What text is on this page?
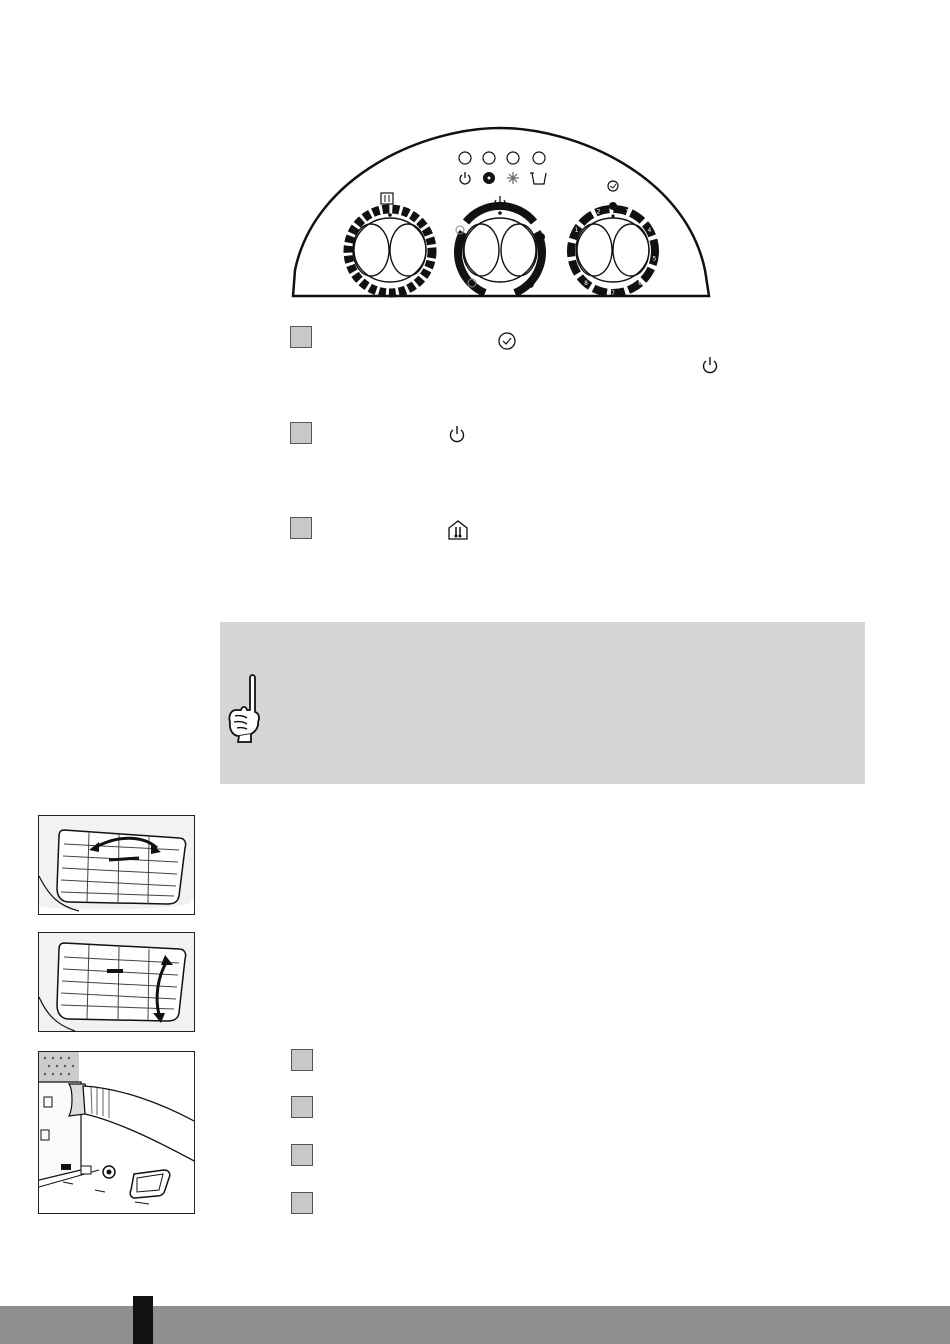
1
2	3
4
5
6
7
8
